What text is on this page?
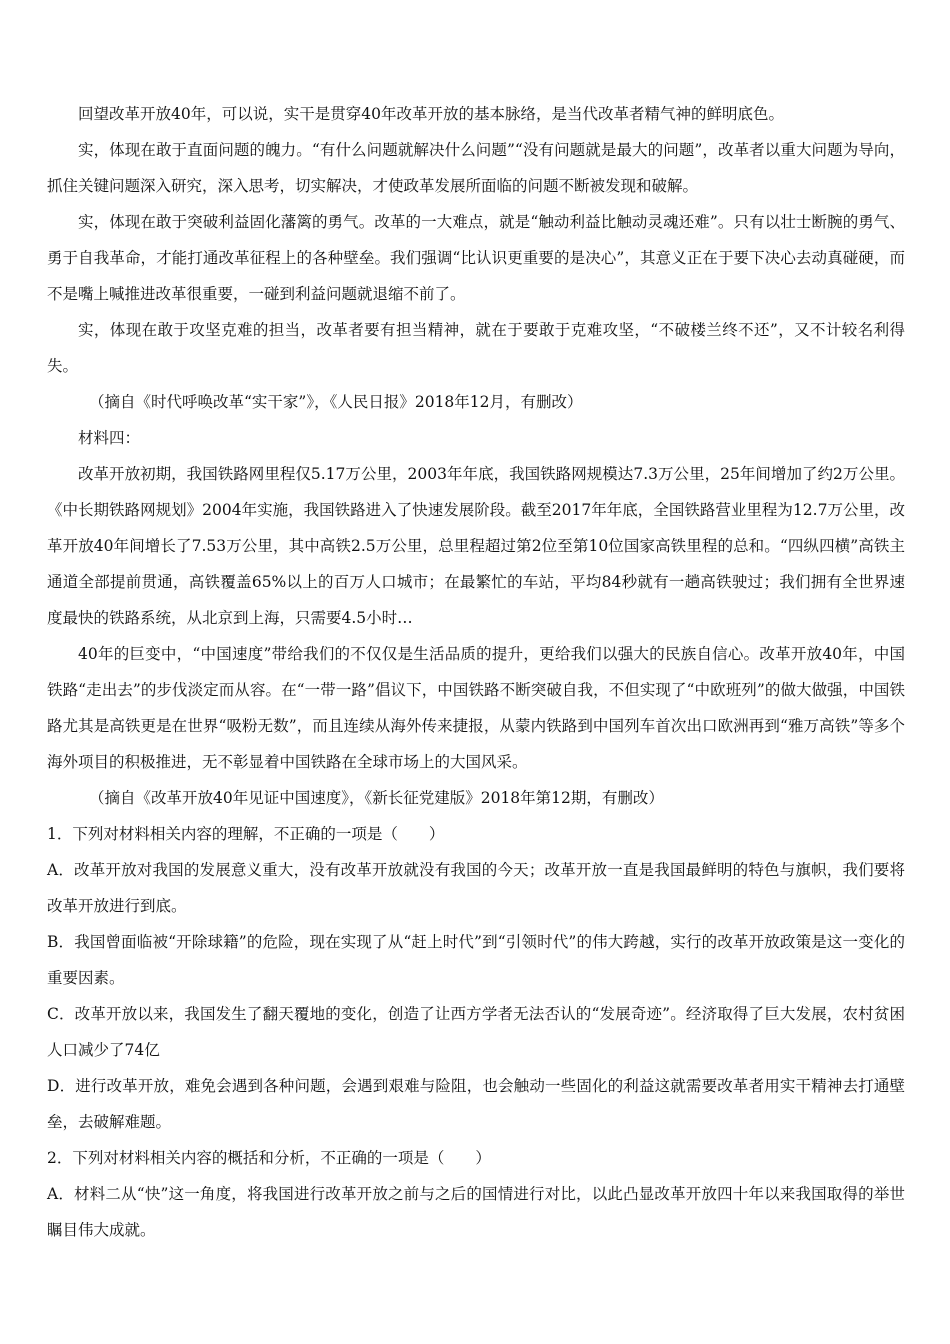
回望改革开放40年，可以说，实干是贯穿40年改革开放的基本脉络，是当代改革者精气神的鲜明底色。

实，体现在敢于直面问题的魄力。“有什么问题就解决什么问题”“没有问题就是最大的问题”，改革者以重大问题为导向，抓住关键问题深入研究，深入思考，切实解决，才使政革发展所面临的问题不断被发现和破解。

实，体现在敢于突破利益固化藩篱的勇气。改革的一大难点，就是“触动利益比触动灵魂还难”。只有以壮士断腕的勇气、勇于自我革命，才能打通改革征程上的各种壁垒。我们强调“比认识更重要的是决心”，其意义正在于要下决心去动真碰硬，而不是嘴上喊推进改革很重要，一碰到利益问题就退缩不前了。

实，体现在敢于攻坚克难的担当，改革者要有担当精神，就在于要敢于克难攻坚，“不破楼兰终不还”，又不计较名利得失。

（摘自《时代呼唤改革“实干家”》，《人民日报》2018年12月，有删改）

材料四：

改革开放初期，我国铁路网里程仅5.17万公里，2003年年底，我国铁路网规模达7.3万公里，25年间增加了约2万公里。《中长期铁路网规划》2004年实施，我国铁路进入了快速发展阶段。截至2017年年底，全国铁路营业里程为12.7万公里，改革开放40年间增长了7.53万公里，其中高铁2.5万公里，总里程超过第2位至第10位国家高铁里程的总和。“四纵四横”高铁主通道全部提前贯通，高铁覆盖65%以上的百万人口城市；在最繁忙的车站，平均84秒就有一趟高铁驶过；我们拥有全世界速度最快的铁路系统，从北京到上海，只需要4.5小时…

40年的巨变中，“中国速度”带给我们的不仅仅是生活品质的提升，更给我们以强大的民族自信心。改革开放40年，中国铁路“走出去”的步伐淡定而从容。在“一带一路”倡议下，中国铁路不断突破自我，不但实现了“中欧班列”的做大做强，中国铁路尤其是高铁更是在世界“吸粉无数”，而且连续从海外传来捷报，从蒙内铁路到中国列车首次出口欧洲再到“雅万高铁”等多个海外项目的积极推进，无不彰显着中国铁路在全球市场上的大国风采。

（摘自《改革开放40年见证中国速度》，《新长征党建版》2018年第12期，有删改）

1．下列对材料相关内容的理解，不正确的一项是（　　）

A．改革开放对我国的发展意义重大，没有改革开放就没有我国的今天；改革开放一直是我国最鲜明的特色与旗帜，我们要将改革开放进行到底。

B．我国曾面临被“开除球籍”的危险，现在实现了从“赶上时代”到“引领时代”的伟大跨越，实行的改革开放政策是这一变化的重要因素。

C．改革开放以来，我国发生了翻天覆地的变化，创造了让西方学者无法否认的“发展奇迹”。经济取得了巨大发展，农村贫困人口减少了74亿

D．进行改革开放，难免会遇到各种问题，会遇到艰难与险阻，也会触动一些固化的利益这就需要改革者用实干精神去打通壁垒，去破解难题。

2．下列对材料相关内容的概括和分析，不正确的一项是（　　）

A．材料二从“快”这一角度，将我国进行改革开放之前与之后的国情进行对比，以此凸显改革开放四十年以来我国取得的举世瞩目伟大成就。
